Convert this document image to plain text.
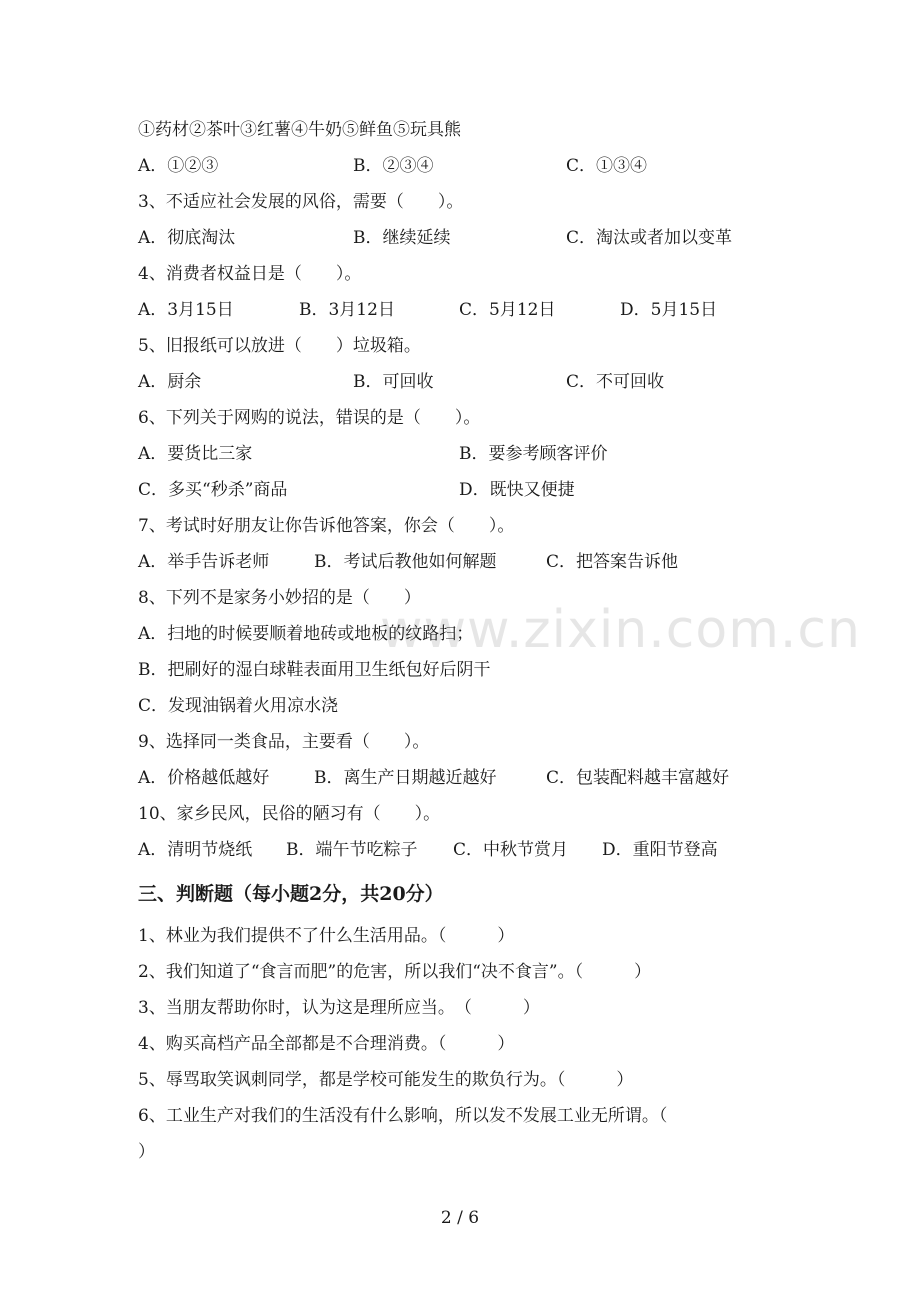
www.zixin.com.cn
①药材②茶叶③红薯④牛奶⑤鲜鱼⑤玩具熊
A．①②③	B．②③④	C．①③④
3、不适应社会发展的风俗，需要（　　）。
A．彻底淘汰	B．继续延续	C．淘汰或者加以变革
4、消费者权益日是（　　）。
A．3月15日	B．3月12日	C．5月12日	D．5月15日
5、旧报纸可以放进（　　）垃圾箱。
A．厨余	B．可回收	C．不可回收
6、下列关于网购的说法，错误的是（　　）。
A．要货比三家	B．要参考顾客评价
C．多买“秒杀”商品	D．既快又便捷
7、考试时好朋友让你告诉他答案，你会（　　）。
A．举手告诉老师	B．考试后教他如何解题	C．把答案告诉他
8、下列不是家务小妙招的是（　　）
A．扫地的时候要顺着地砖或地板的纹路扫；
B．把刷好的湿白球鞋表面用卫生纸包好后阴干
C．发现油锅着火用凉水浇
9、选择同一类食品，主要看（　　）。
A．价格越低越好	B．离生产日期越近越好	C．包装配料越丰富越好
10、家乡民风，民俗的陋习有（　　）。
A．清明节烧纸 B．端午节吃粽子 C．中秋节赏月 D．重阳节登高
三、判断题（每小题2分，共20分）
1、林业为我们提供不了什么生活用品。（　　　）
2、我们知道了“食言而肥”的危害，所以我们“决不食言”。（　　　）
3、当朋友帮助你时，认为这是理所应当。　（　　　）
4、购买高档产品全部都是不合理消费。（　　　）
5、辱骂取笑讽刺同学，都是学校可能发生的欺负行为。（　　　）
6、工业生产对我们的生活没有什么影响，所以发不发展工业无所谓。（
）
2 / 6
